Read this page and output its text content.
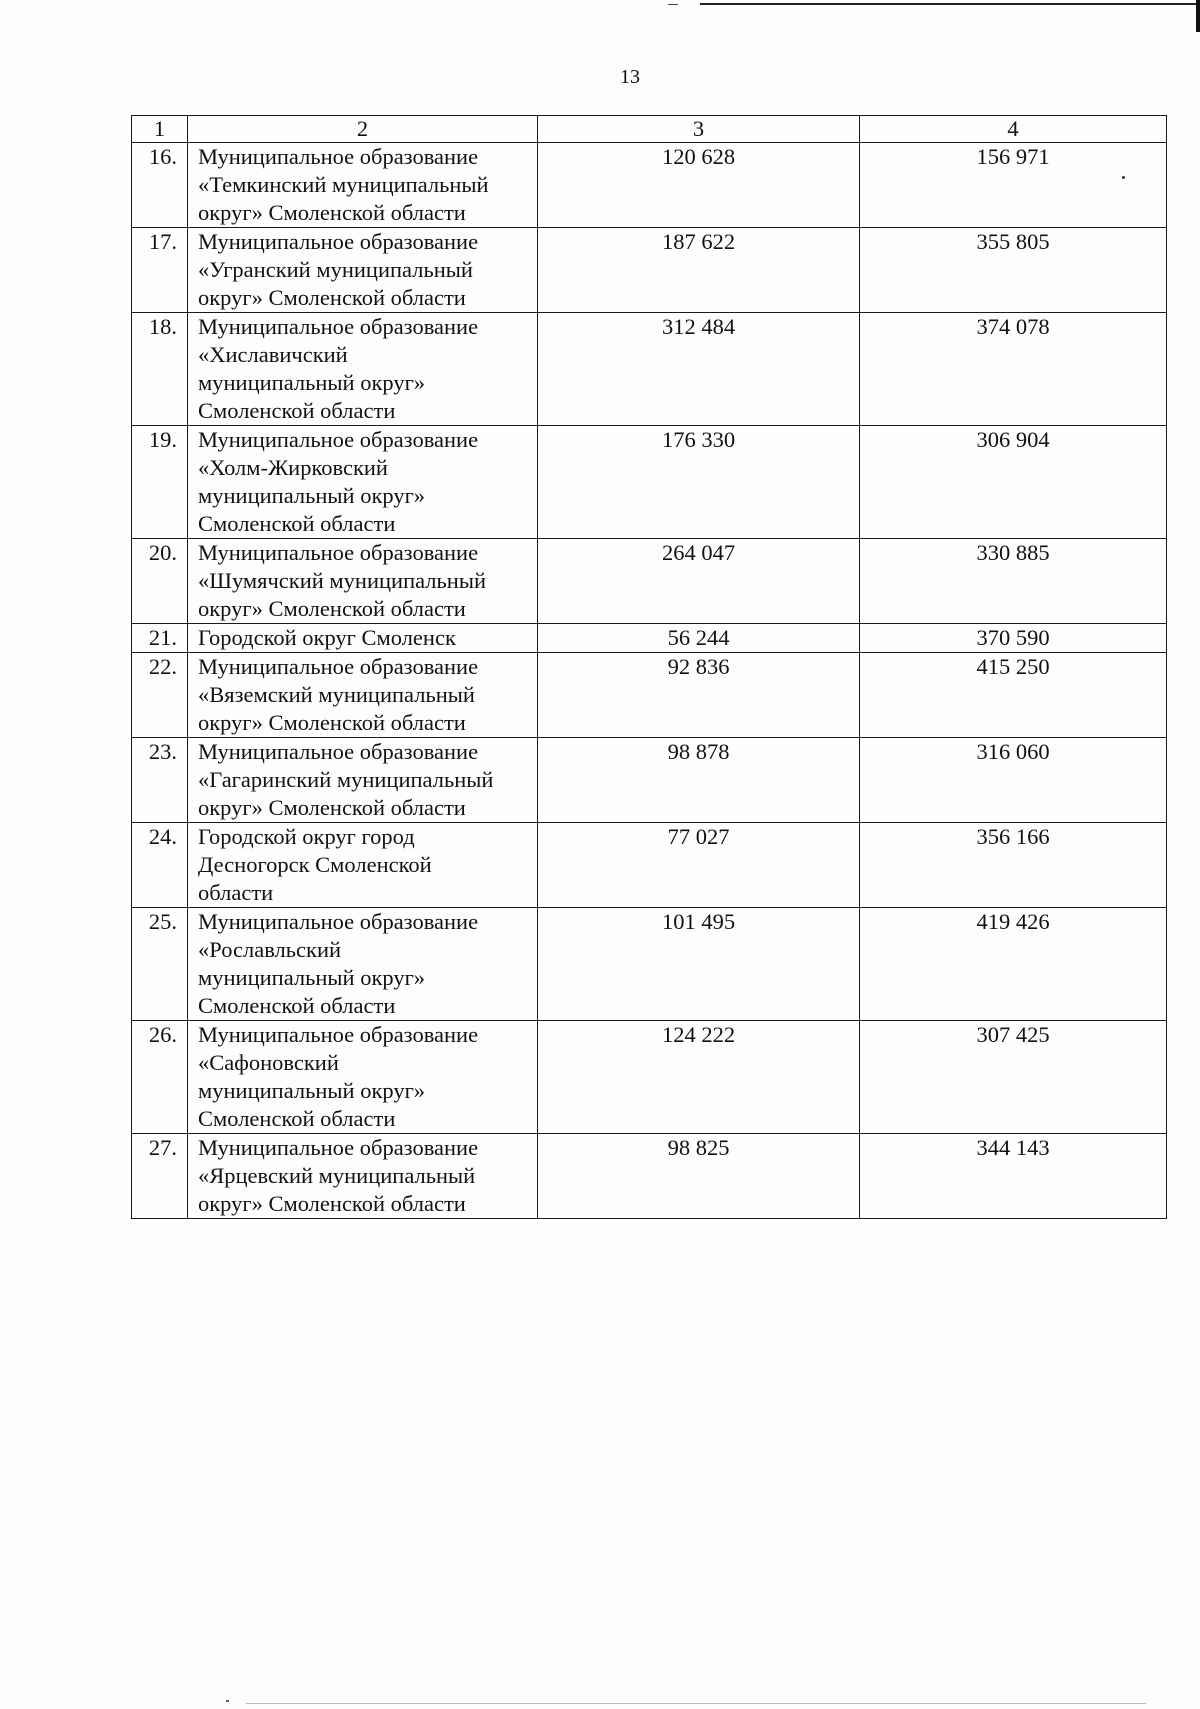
13
1	2	3	4
16.	Муниципальное образование
«Темкинский муниципальный
округ» Смоленской области	120 628	156 971
17.	Муниципальное образование
«Угранский муниципальный
округ» Смоленской области	187 622	355 805
18.	Муниципальное образование
«Хиславичский
муниципальный округ»
Смоленской области	312 484	374 078
19.	Муниципальное образование
«Холм-Жирковский
муниципальный округ»
Смоленской области	176 330	306 904
20.	Муниципальное образование
«Шумячский муниципальный
округ» Смоленской области	264 047	330 885
21.	Городской округ Смоленск	56 244	370 590
22.	Муниципальное образование
«Вяземский муниципальный
округ» Смоленской области	92 836	415 250
23.	Муниципальное образование
«Гагаринский муниципальный
округ» Смоленской области	98 878	316 060
24.	Городской округ город
Десногорск Смоленской
области	77 027	356 166
25.	Муниципальное образование
«Рославльский
муниципальный округ»
Смоленской области	101 495	419 426
26.	Муниципальное образование
«Сафоновский
муниципальный округ»
Смоленской области	124 222	307 425
27.	Муниципальное образование
«Ярцевский муниципальный
округ» Смоленской области	98 825	344 143
